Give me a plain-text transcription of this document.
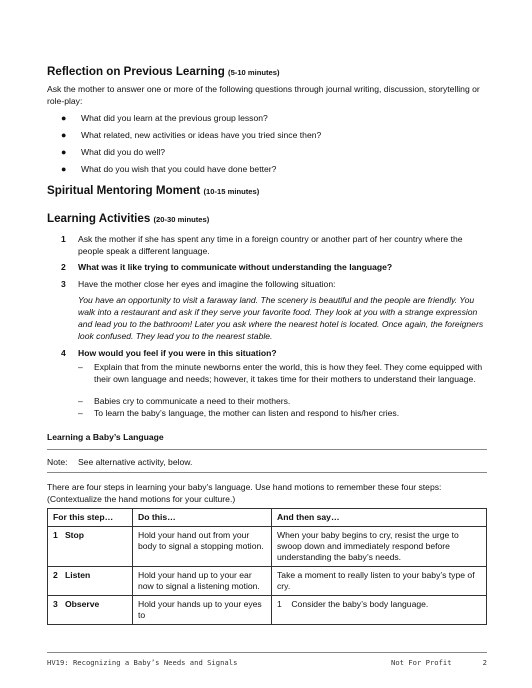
Reflection on Previous Learning (5-10 minutes)
Ask the mother to answer one or more of the following questions through journal writing, discussion, storytelling or role-play:
● What did you learn at the previous group lesson?
● What related, new activities or ideas have you tried since then?
● What did you do well?
● What do you wish that you could have done better?
Spiritual Mentoring Moment (10-15 minutes)
Learning Activities (20-30 minutes)
1 Ask the mother if she has spent any time in a foreign country or another part of her country where the people speak a different language.
2 What was it like trying to communicate without understanding the language?
3 Have the mother close her eyes and imagine the following situation:
You have an opportunity to visit a faraway land. The scenery is beautiful and the people are friendly. You walk into a restaurant and ask if they serve your favorite food. They look at you with a strange expression and lead you to the bathroom! Later you ask where the nearest hotel is located. Once again, the foreigners look confused. They lead you to the nearest stable.
4 How would you feel if you were in this situation?
– Explain that from the minute newborns enter the world, this is how they feel. They come equipped with their own language and needs; however, it takes time for their mothers to understand their language.
– Babies cry to communicate a need to their mothers.
– To learn the baby’s language, the mother can listen and respond to his/her cries.
Learning a Baby’s Language
Note: See alternative activity, below.
There are four steps in learning your baby’s language. Use hand motions to remember these four steps: (Contextualize the hand motions for your culture.)
For this step…	Do this…	And then say…
1   Stop	Hold your hand out from your body to signal a stopping motion.	When your baby begins to cry, resist the urge to swoop down and immediately respond before understanding the baby’s needs.
2   Listen	Hold your hand up to your ear now to signal a listening motion.	Take a moment to really listen to your baby’s type of cry.
3   Observe	Hold your hands up to your eyes to	1    Consider the baby’s body language.
HV19: Recognizing a Baby’s Needs and Signals	Not For Profit	2
